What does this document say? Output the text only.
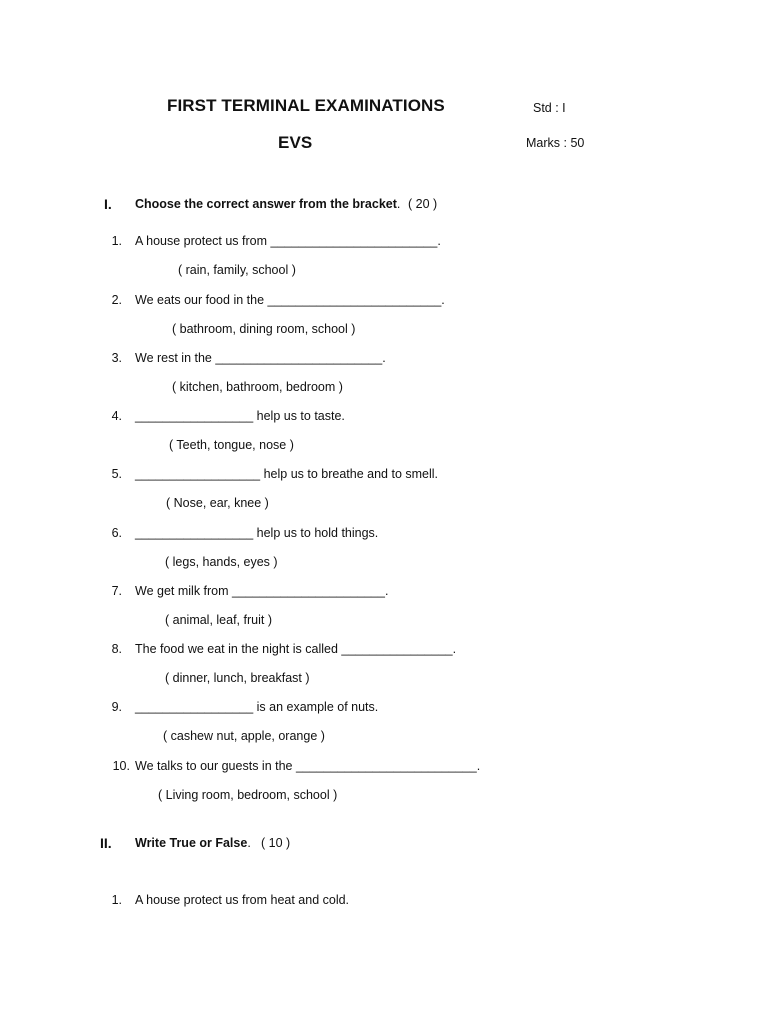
FIRST TERMINAL EXAMINATIONS	Std : I
EVS	Marks : 50
I. Choose the correct answer from the bracket. ( 20 )
1. A house protect us from ________________________.
( rain, family, school )
2. We eats our food in the _________________________.
( bathroom, dining room, school )
3. We rest in the ________________________.
( kitchen, bathroom, bedroom )
4. _________________ help us to taste.
( Teeth, tongue, nose )
5. __________________ help us to breathe and to smell.
( Nose, ear, knee )
6. _________________ help us to hold things.
( legs, hands, eyes )
7. We get milk from ______________________.
( animal, leaf, fruit )
8. The food we eat in the night is called ________________.
( dinner, lunch, breakfast )
9. _________________ is an example of nuts.
( cashew nut, apple, orange )
10. We talks to our guests in the __________________________.
( Living room, bedroom, school )
II. Write True or False. ( 10 )
1. A house protect us from heat and cold.
